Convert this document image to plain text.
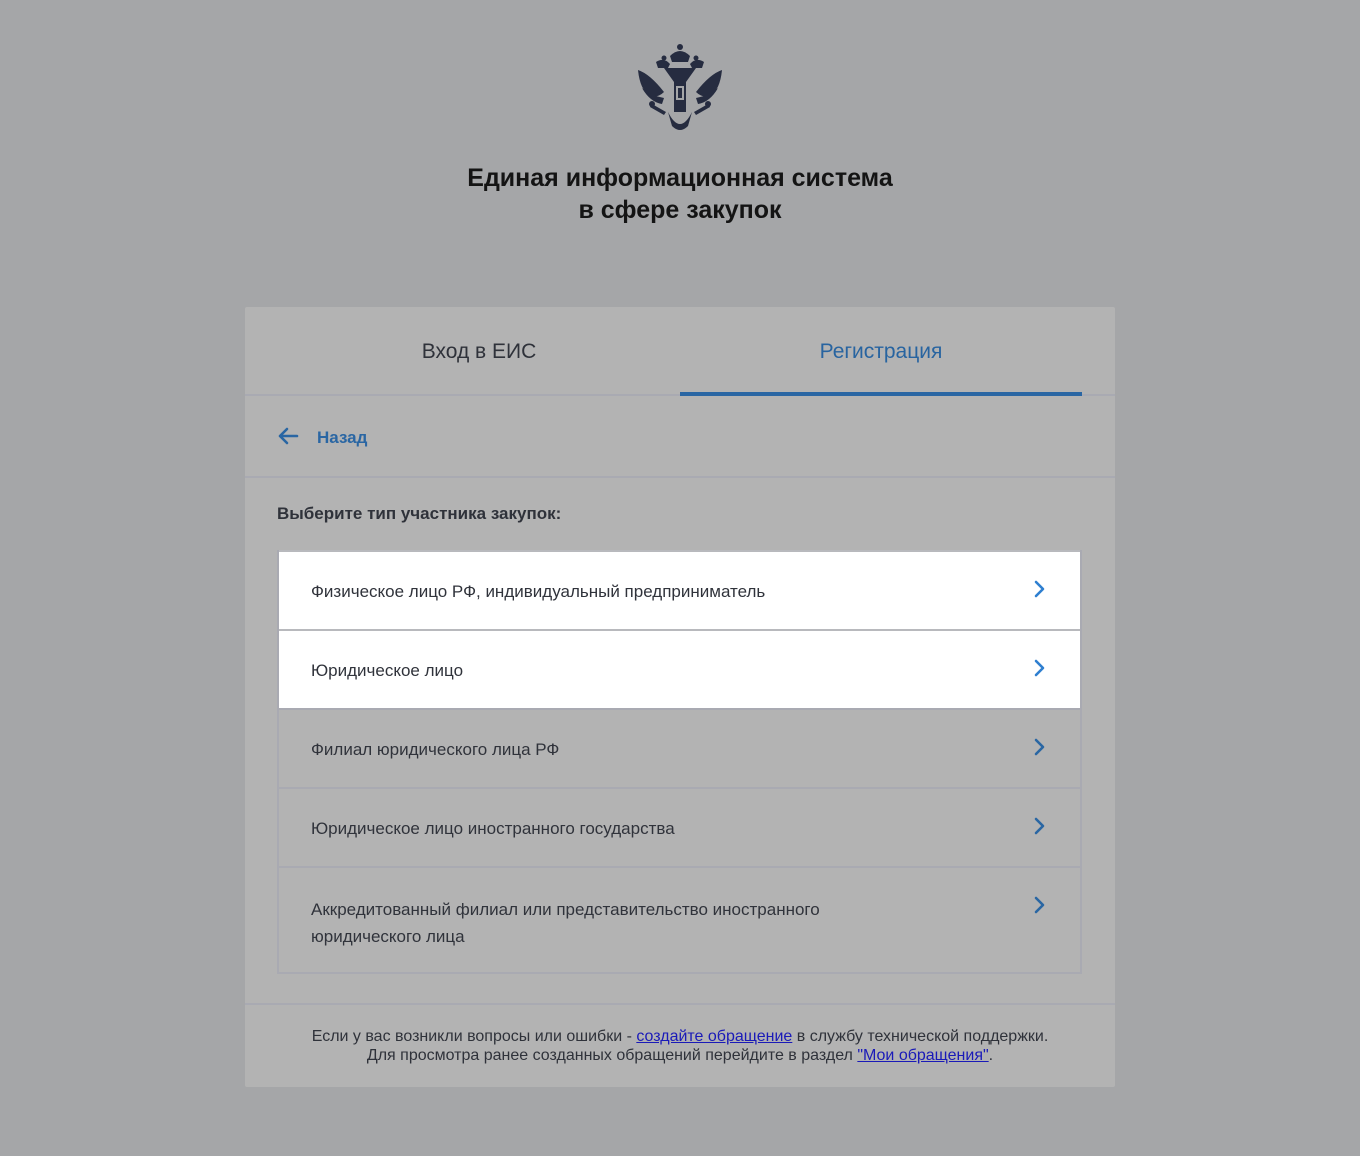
Единая информационная система
в сфере закупок
Вход в ЕИС	Регистрация
Назад
Выберите тип участника закупок:
Физическое лицо РФ, индивидуальный предприниматель
Юридическое лицо
Филиал юридического лица РФ
Юридическое лицо иностранного государства
Аккредитованный филиал или представительство иностранного юридического лица
Если у вас возникли вопросы или ошибки - создайте обращение в службу технической поддержки.
Для просмотра ранее созданных обращений перейдите в раздел "Мои обращения".
